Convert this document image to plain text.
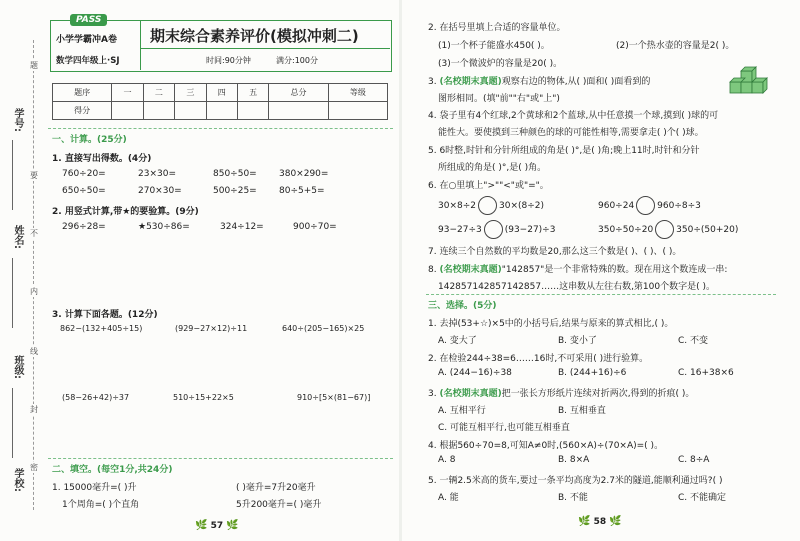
学号:
姓名:
班级:
学校:
题
要
不
内
线
封
密
PASS
小学学霸冲A卷
数学四年级上·SJ
期末综合素养评价(模拟冲刺二)
时间:90分钟	满分:100分
题序	一	二	三	四	五	总分	等级
得分							
一、计算。(25分)
1. 直接写出得数。(4分)
760÷20=	23×30=	850÷50= 380×290=
650÷50=	270×30=	500÷25= 80÷5+5=
2. 用竖式计算,带★的要验算。(9分)
296÷28=	★530÷86=	324÷12=	900÷70=
3. 计算下面各题。(12分)
862−(132+405÷15)	(929−27×12)÷11	640÷(205−165)×25
(58−26+42)÷37	510÷15+22×5	910÷[5×(81−67)]
二、填空。(每空1分,共24分)
1. 15000毫升=( )升	( )毫升=7升20毫升
1个周角=( )个直角	5升200毫升=( )毫升
🌿 57 🌿
2. 在括号里填上合适的容量单位。
(1)一个杯子能盛水450( )。	(2)一个热水壶的容量是2( )。
(3)一个微波炉的容量是20( )。
3. (名校期末真题)观察右边的物体,从( )面和( )面看到的
图形相同。(填"前""右"或"上")
4. 袋子里有4个红球,2个黄球和2个蓝球,从中任意摸一个球,摸到( )球的可
能性大。要使摸到三种颜色的球的可能性相等,需要拿走( )个( )球。
5. 6时整,时针和分针所组成的角是( )°,是( )角;晚上11时,时针和分针
所组成的角是( )°,是( )角。
6. 在○里填上">""<"或"="。
30×8÷2	30×(8÷2)	960÷24	960÷8÷3
93−27÷3	(93−27)÷3	350÷50÷20	350÷(50+20)
7. 连续三个自然数的平均数是20,那么这三个数是( )、( )、( )。
8. (名校期末真题)"142857"是一个非常特殊的数。现在用这个数连成一串:
142857142857142857……这串数从左往右数,第100个数字是( )。
三、选择。(5分)
1. 去掉(53+☆)×5中的小括号后,结果与原来的算式相比,( )。
A. 变大了	B. 变小了	C. 不变
2. 在检验244÷38=6……16时,不可采用( )进行验算。
A. (244−16)÷38	B. (244+16)÷6	C. 16+38×6
3. (名校期末真题)把一张长方形纸片连续对折两次,得到的折痕( )。
A. 互相平行	B. 互相垂直
C. 可能互相平行,也可能互相垂直
4. 根据560÷70=8,可知A≠0时,(560×A)÷(70×A)=( )。
A. 8	B. 8×A	C. 8÷A
5. 一辆2.5米高的货车,要过一条平均高度为2.7米的隧道,能顺利通过吗?( )
A. 能	B. 不能	C. 不能确定
🌿 58 🌿
